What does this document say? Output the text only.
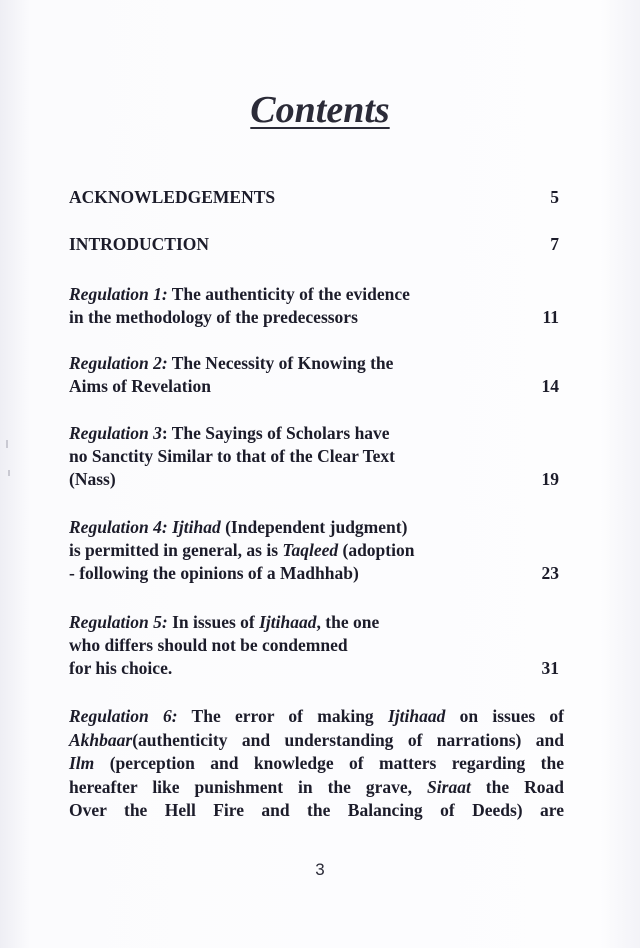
Contents
ACKNOWLEDGEMENTS	5
INTRODUCTION	7
Regulation 1: The authenticity of the evidence
in the methodology of the predecessors	11
Regulation 2: The Necessity of Knowing the
Aims of Revelation	14
Regulation 3: The Sayings of Scholars have
no Sanctity Similar to that of the Clear Text
(Nass)	19
Regulation 4: Ijtihad (Independent judgment)
is permitted in general, as is Taqleed (adoption
- following the opinions of a Madhhab)	23
Regulation 5: In issues of Ijtihaad, the one
who differs should not be condemned
for his choice.	31
Regulation 6: The error of making Ijtihaad on issues of
Akhbaar(authenticity and understanding of narrations) and
Ilm (perception and knowledge of matters regarding the
hereafter like punishment in the grave, Siraat the Road
Over the Hell Fire and the Balancing of Deeds) are
3
